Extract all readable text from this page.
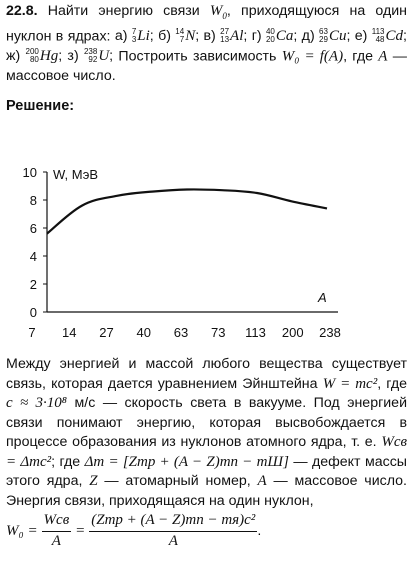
22.8. Найти энергию связи $W_0$, приходящуюся на один нуклон в ядрах: а) 7
3 Li ; б) 14
7 N ; в) 27
13 Al ; г) 40
20 Ca ; д) 63
29 Cu ; е) 113
48 Cd ; ж) 200
80 Hg ; з) 238
92 U ; Построить зависимость W₀ = f(A), где A — массовое число.
Решение:
0
2
4
6
8
10
7 14 27 40 63 73 113 200 238
W, МэВ
A
Между энергией и массой любого вещества существует связь, которая дается уравнением Эйнштейна W = mc², где c ≈ 3·10⁸ м/с — скорость света в вакууме. Под энергией связи понимают энергию, которая высвобождается в процессе образования из нуклонов атомного ядра, т. е. Wсв = Δmc²; где Δm = [Zmp + (A − Z)mn − mШ] — дефект массы этого ядра, Z — атомарный номер, A — массовое число. Энергия связи, приходящаяся на один нуклон,
$W_0 = \frac{\text{Wсв}}{A} = \frac{\text{(Zmp + (A − Z)mn − mя)c²}}{A}$ .
